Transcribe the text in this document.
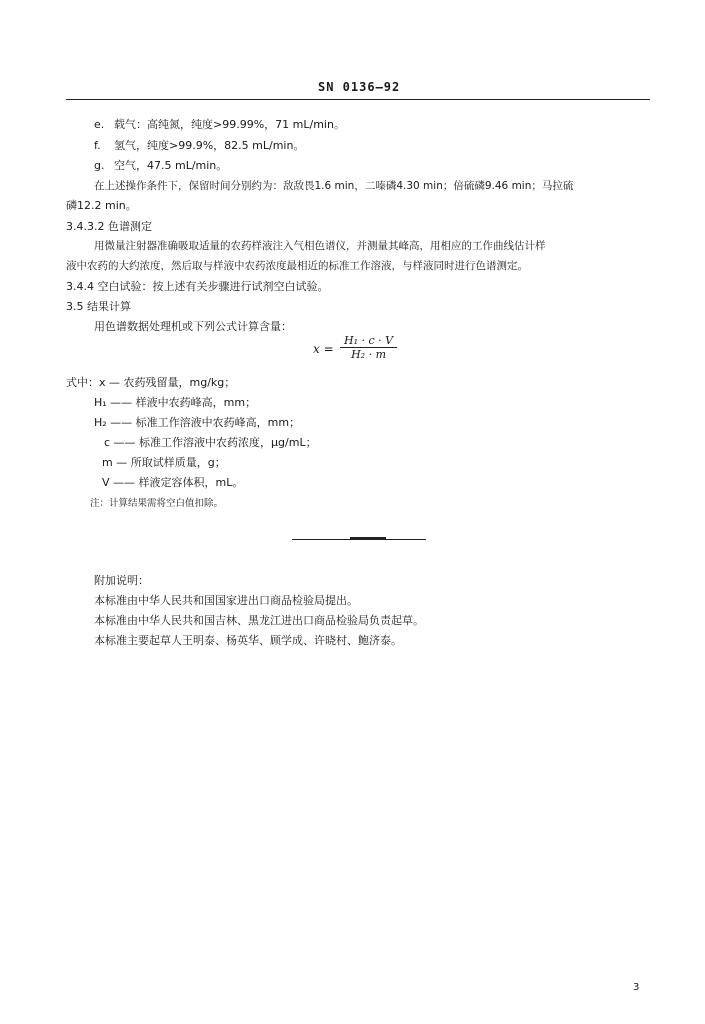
SN 0136—92
e. 载气：高纯氮，纯度>99.99%，71 mL/min。
f. 氢气，纯度>99.9%，82.5 mL/min。
g. 空气，47.5 mL/min。
在上述操作条件下，保留时间分别约为：敌敌畏1.6 min，二嗪磷4.30 min；倍硫磷9.46 min；马拉硫
磷12.2 min。
3.4.3.2 色谱测定
用微量注射器准确吸取适量的农药样液注入气相色谱仪，并测量其峰高，用相应的工作曲线估计样
液中农药的大约浓度，然后取与样液中农药浓度最相近的标准工作溶液，与样液同时进行色谱测定。
3.4.4 空白试验：按上述有关步骤进行试剂空白试验。
3.5 结果计算
用色谱数据处理机或下列公式计算含量：
$x = \frac{\text{H₁ · c · V}}{\text{H₂ · m}}$
式中：x — 农药残留量，mg/kg；
H₁ —— 样液中农药峰高，mm；
H₂ —— 标准工作溶液中农药峰高，mm；
c —— 标准工作溶液中农药浓度，μg/mL；
m — 所取试样质量，g；
V —— 样液定容体积，mL。
注：计算结果需将空白值扣除。
附加说明：
本标准由中华人民共和国国家进出口商品检验局提出。
本标准由中华人民共和国吉林、黑龙江进出口商品检验局负责起草。
本标准主要起草人王明泰、杨英华、顾学成、许晓村、鲍济泰。
3
